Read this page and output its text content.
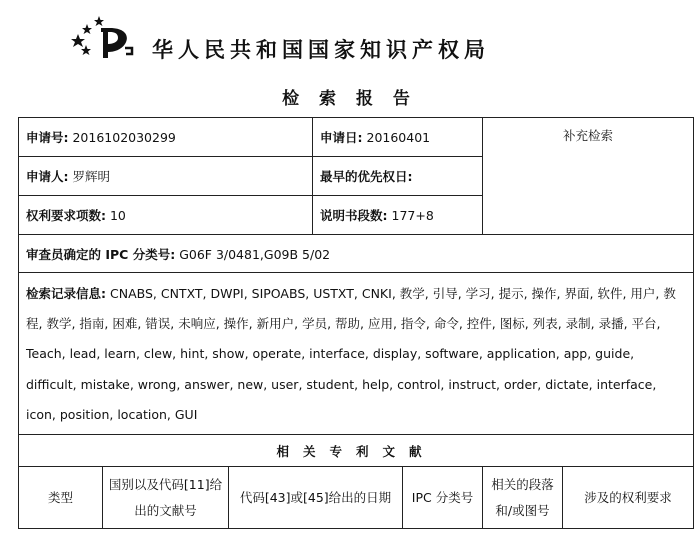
华人民共和国国家知识产权局
检 索 报 告
申请号: 2016102030299			申请日: 20160401		补充检索	
申请人: 罗辉明			最早的优先权日:			
权利要求项数: 10			说明书段数: 177+8			
审查员确定的 IPC 分类号: G06F 3/0481,G09B 5/02						
检索记录信息: CNABS, CNTXT, DWPI, SIPOABS, USTXT, CNKI, 教学, 引导, 学习, 提示, 操作, 界面, 软件, 用户, 教程, 教学, 指南, 困难, 错误, 未响应, 操作, 新用户, 学员, 帮助, 应用, 指令, 命令, 控件, 图标, 列表, 录制, 录播, 平台, Teach, lead, learn, clew, hint, show, operate, interface, display, software, application, app, guide, difficult, mistake, wrong, answer, new, user, student, help, control, instruct, order, dictate, interface, icon, position, location, GUI						
相关专利文献						
类型	国别以及代码[11]给出的文献号	代码[43]或[45]给出的日期		IPC 分类号	相关的段落和/或图号	涉及的权利要求
